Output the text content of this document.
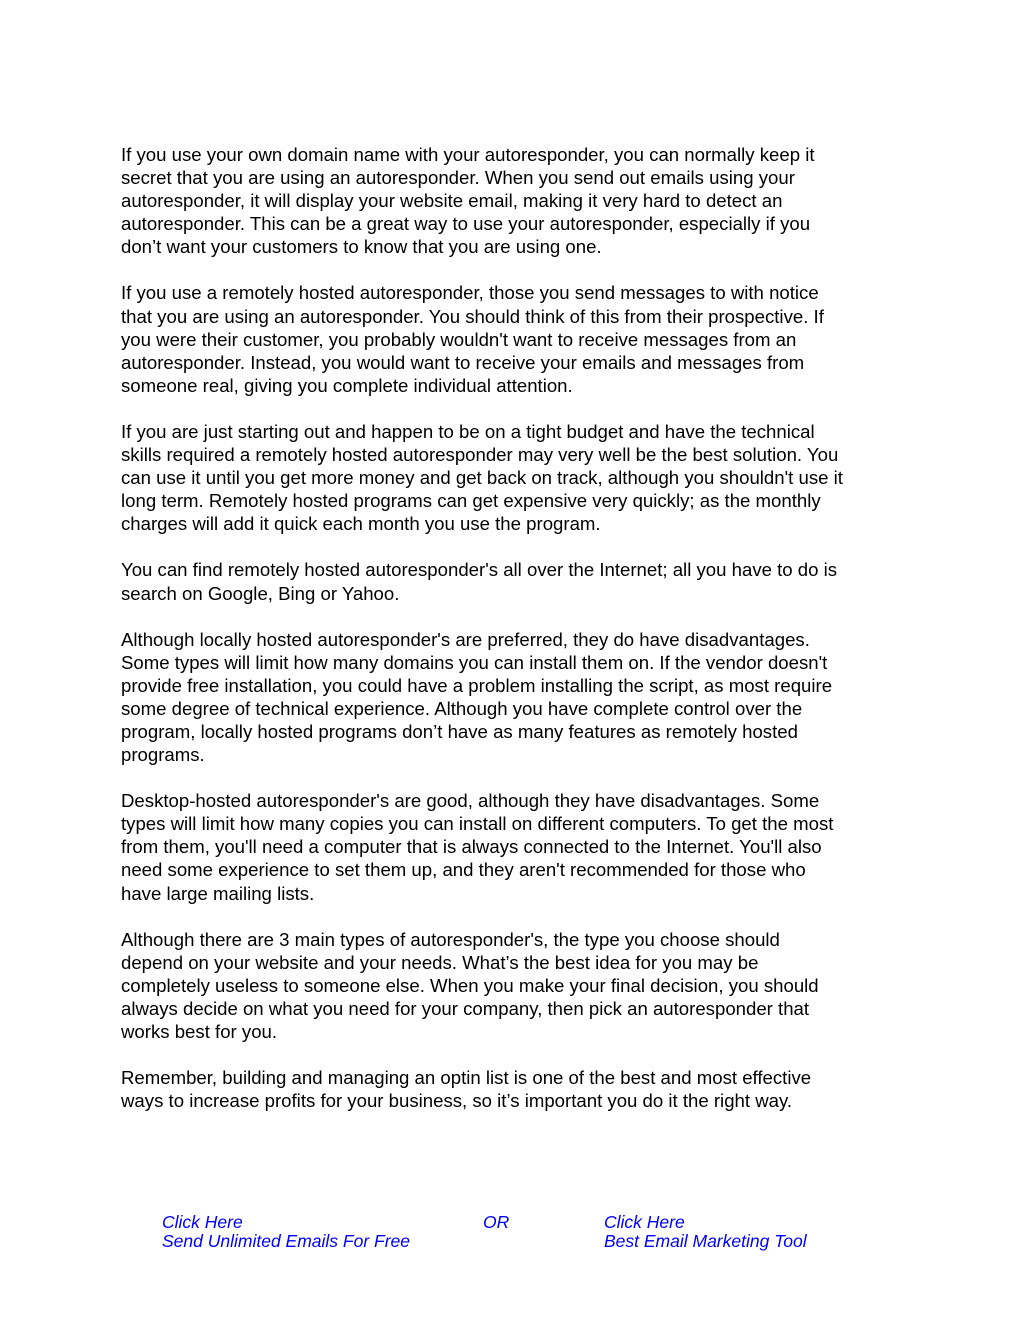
If you use your own domain name with your autoresponder, you can normally keep it
secret that you are using an autoresponder. When you send out emails using your
autoresponder, it will display your website email, making it very hard to detect an
autoresponder. This can be a great way to use your autoresponder, especially if you
don’t want your customers to know that you are using one.

If you use a remotely hosted autoresponder, those you send messages to with notice
that you are using an autoresponder. You should think of this from their prospective. If
you were their customer, you probably wouldn't want to receive messages from an
autoresponder. Instead, you would want to receive your emails and messages from
someone real, giving you complete individual attention.

If you are just starting out and happen to be on a tight budget and have the technical
skills required a remotely hosted autoresponder may very well be the best solution. You
can use it until you get more money and get back on track, although you shouldn't use it
long term. Remotely hosted programs can get expensive very quickly; as the monthly
charges will add it quick each month you use the program.

You can find remotely hosted autoresponder's all over the Internet; all you have to do is
search on Google, Bing or Yahoo.

Although locally hosted autoresponder's are preferred, they do have disadvantages.
Some types will limit how many domains you can install them on. If the vendor doesn't
provide free installation, you could have a problem installing the script, as most require
some degree of technical experience. Although you have complete control over the
program, locally hosted programs don’t have as many features as remotely hosted
programs.

Desktop-hosted autoresponder's are good, although they have disadvantages. Some
types will limit how many copies you can install on different computers. To get the most
from them, you'll need a computer that is always connected to the Internet. You'll also
need some experience to set them up, and they aren't recommended for those who
have large mailing lists.

Although there are 3 main types of autoresponder's, the type you choose should
depend on your website and your needs. What’s the best idea for you may be
completely useless to someone else. When you make your final decision, you should
always decide on what you need for your company, then pick an autoresponder that
works best for you.

Remember, building and managing an optin list is one of the best and most effective
ways to increase profits for your business, so it’s important you do it the right way.

Click Here
Send Unlimited Emails For Free
OR	Click Here
Best Email Marketing Tool
